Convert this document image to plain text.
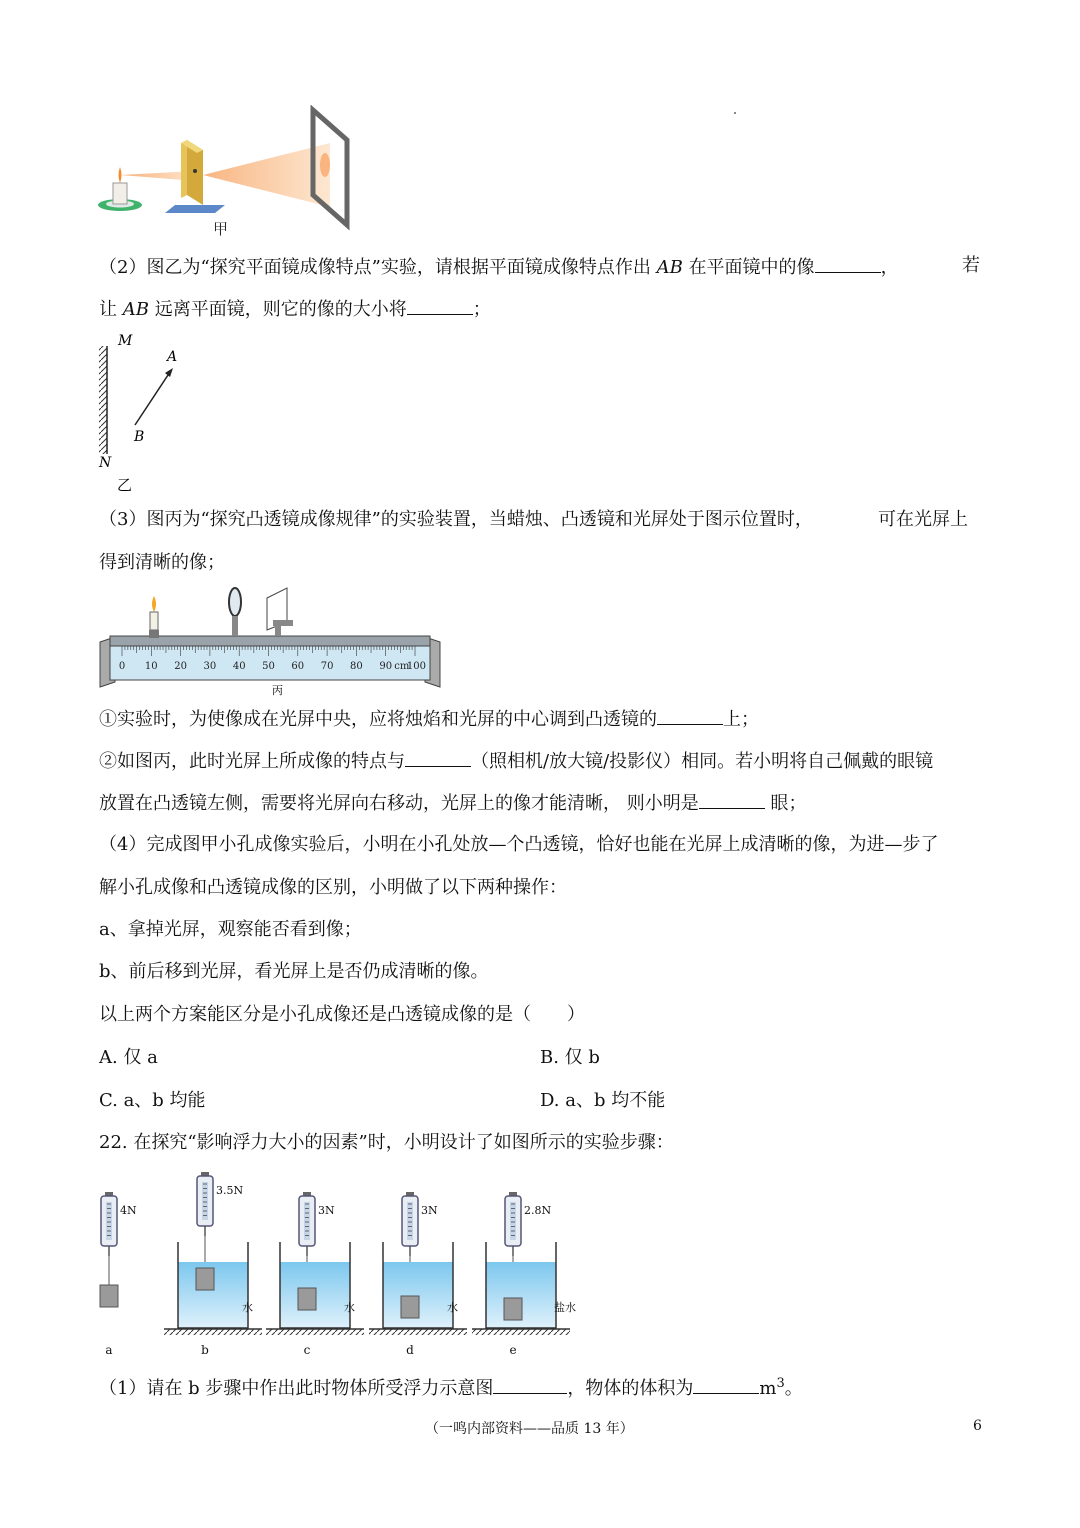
甲
（2）图乙为“探究平面镜成像特点”实验，请根据平面镜成像特点作出 AB 在平面镜中的像	，	若
让 AB 远离平面镜，则它的像的大小将	；
M
A
B
N
乙
（3）图丙为“探究凸透镜成像规律”的实验装置，当蜡烛、凸透镜和光屏处于图示位置时，	可在光屏上
得到清晰的像；
0 10 20 30 40 50 60 70 80 90 cm
100
丙
①实验时，为使像成在光屏中央，应将烛焰和光屏的中心调到凸透镜的	上；
②如图丙，此时光屏上所成像的特点与	（照相机/放大镜/投影仪）相同。若小明将自己佩戴的眼镜
放置在凸透镜左侧，需要将光屏向右移动，光屏上的像才能清晰， 则小明是	眼；
（4）完成图甲小孔成像实验后，小明在小孔处放—个凸透镜，恰好也能在光屏上成清晰的像，为进—步了
解小孔成像和凸透镜成像的区别，小明做了以下两种操作：
a、拿掉光屏，观察能否看到像；
b、前后移到光屏，看光屏上是否仍成清晰的像。
以上两个方案能区分是小孔成像还是凸透镜成像的是（　　）
A. 仅 a	B. 仅 b
C. a、b 均能	D. a、b 均不能
22. 在探究“影响浮力大小的因素”时，小明设计了如图所示的实验步骤：
4N
a
3.5N
水
b
3N
水
c
3N
水
d
2.8N
盐水
e
（1）请在 b 步骤中作出此时物体所受浮力示意图	，物体的体积为	$m^3$。
（一鸣内部资料——品质 13 年）	6
